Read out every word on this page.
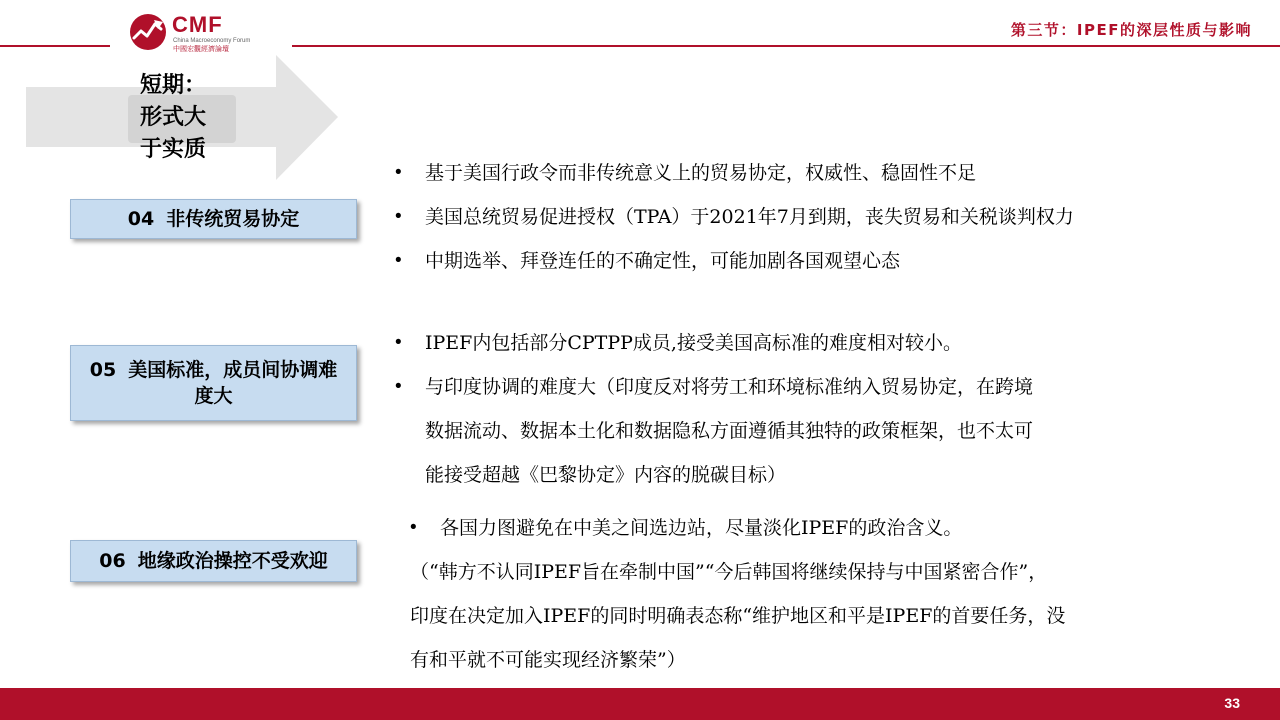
CMF
China Macroeconomy Forum
中國宏觀經濟論壇
第三节：IPEF的深层性质与影响
短期：
形式大
于实质
04 非传统贸易协定
05 美国标准，成员间协调难度大
06 地缘政治操控不受欢迎
• 基于美国行政令而非传统意义上的贸易协定，权威性、稳固性不足
• 美国总统贸易促进授权（TPA）于2021年7月到期，丧失贸易和关税谈判权力
• 中期选举、拜登连任的不确定性，可能加剧各国观望心态
• IPEF内包括部分CPTPP成员,接受美国高标准的难度相对较小。
• 与印度协调的难度大（印度反对将劳工和环境标准纳入贸易协定，在跨境
数据流动、数据本土化和数据隐私方面遵循其独特的政策框架，也不太可
能接受超越《巴黎协定》内容的脱碳目标）
• 各国力图避免在中美之间选边站，尽量淡化IPEF的政治含义。
（“韩方不认同IPEF旨在牵制中国”“今后韩国将继续保持与中国紧密合作”，
印度在决定加入IPEF的同时明确表态称“维护地区和平是IPEF的首要任务，没
有和平就不可能实现经济繁荣”）
33
